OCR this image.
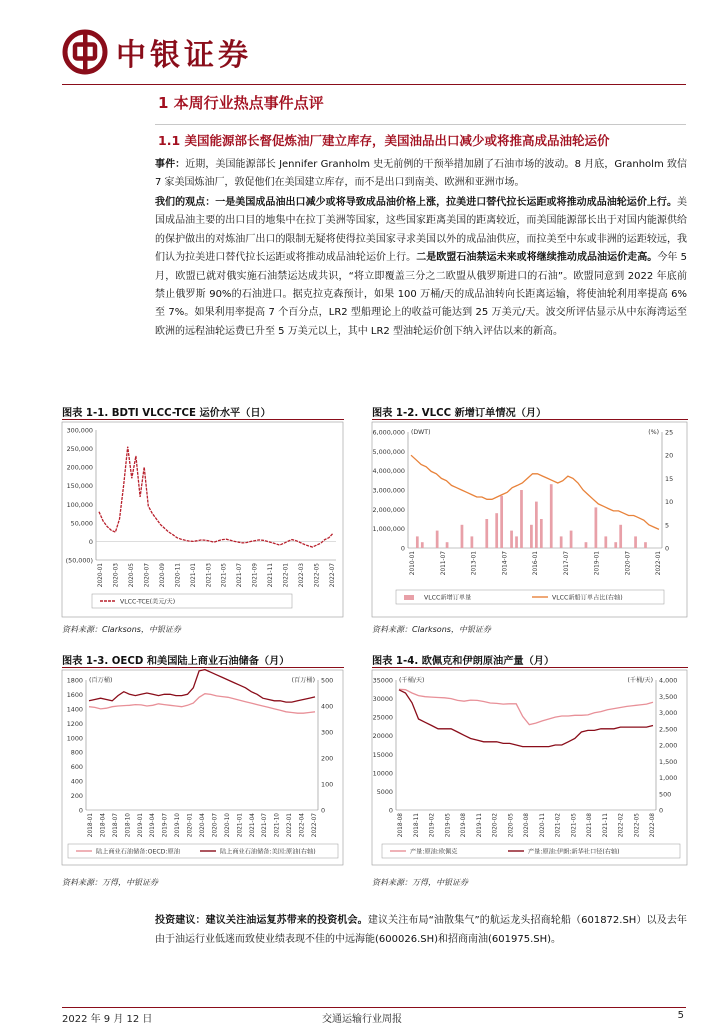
中银证券
1 本周行业热点事件点评
1.1 美国能源部长督促炼油厂建立库存，美国油品出口减少或将推高成品油轮运价
事件：近期，美国能源部长 Jennifer Granholm 史无前例的干预举措加剧了石油市场的波动。8 月底，Granholm 致信 7 家美国炼油厂，敦促他们在美国建立库存，而不是出口到南美、欧洲和亚洲市场。
我们的观点：一是美国成品油出口减少或将导致成品油价格上涨，拉美进口替代拉长运距或将推动成品油轮运价上行。美国成品油主要的出口目的地集中在拉丁美洲等国家，这些国家距离美国的距离较近，而美国能源部长出于对国内能源供给的保护做出的对炼油厂出口的限制无疑将使得拉美国家寻求美国以外的成品油供应，而拉美至中东或非洲的运距较远，我们认为拉美进口替代拉长运距或将推动成品油轮运价上行。二是欧盟石油禁运未来或将继续推动成品油运价走高。今年 5 月，欧盟已就对俄实施石油禁运达成共识，“将立即覆盖三分之二欧盟从俄罗斯进口的石油”。欧盟同意到 2022 年底前禁止俄罗斯 90%的石油进口。据克拉克森预计，如果 100 万桶/天的成品油转向长距离运输，将使油轮利用率提高 6%至 7%。如果利用率提高 7 个百分点，LR2 型船理论上的收益可能达到 25 万美元/天。波交所评估显示从中东海湾运至欧洲的远程油轮运费已升至 5 万美元以上，其中 LR2 型油轮运价创下纳入评估以来的新高。
图表 1-1. BDTI VLCC-TCE 运价水平（日）
300,000
250,000
200,000
150,000
100,000
50,000
0
(50,000)
2020-01 2020-03 2020-05 2020-07 2020-09 2020-11 2021-01 2021-03 2021-05 2021-07 2021-09 2021-11 2022-01 2022-03 2022-05 2022-07
VLCC-TCE(美元/天)
资料来源：Clarksons，中银证券
图表 1-2. VLCC 新增订单情况（月）
6,000,000
5,000,000
4,000,000
3,000,000
2,000,000
1,000,000
0
25
20
15
10
5
0
(DWT)	(%)
2010-01	2011-07	2013-01	2014-07	2016-01	2017-07	2019-01	2020-07	2022-01
VLCC新增订单量	VLCC新船订单占比(右轴)
资料来源：Clarksons，中银证券
图表 1-3. OECD 和美国陆上商业石油储备（月）
1800
1600
1400
1200
1000
800
600
400
200
0
500
400
300
200
100
0
(百万桶)	(百万桶)
2018-01 2018-04 2018-07 2018-10 2019-01 2019-04 2019-07 2019-10 2020-01 2020-04 2020-07 2020-10 2021-01 2021-04 2021-07 2021-10 2022-01 2022-04 2022-07
陆上商业石油储备:OECD:原油	陆上商业石油储备:美国:原油(右轴)
资料来源：万得，中银证券
图表 1-4. 欧佩克和伊朗原油产量（月）
35000
30000
25000
20000
15000
10000
5000
0
4,000
3,500
3,000
2,500
2,000
1,500
1,000
500
0
(千桶/天)	(千桶/天)
2018-08 2018-11 2019-02 2019-05 2019-08 2019-11 2020-02 2020-05 2020-08 2020-11 2021-02 2021-05 2021-08 2021-11 2022-02 2022-05 2022-08
产量:原油:欧佩克	产量:原油:伊朗:新华社口径(右轴)
资料来源：万得，中银证券
投资建议：建议关注油运复苏带来的投资机会。建议关注布局“油散集气”的航运龙头招商轮船（601872.SH）以及去年由于油运行业低迷而致使业绩表现不佳的中远海能(600026.SH)和招商南油(601975.SH)。
2022 年 9 月 12 日	交通运输行业周报	5
